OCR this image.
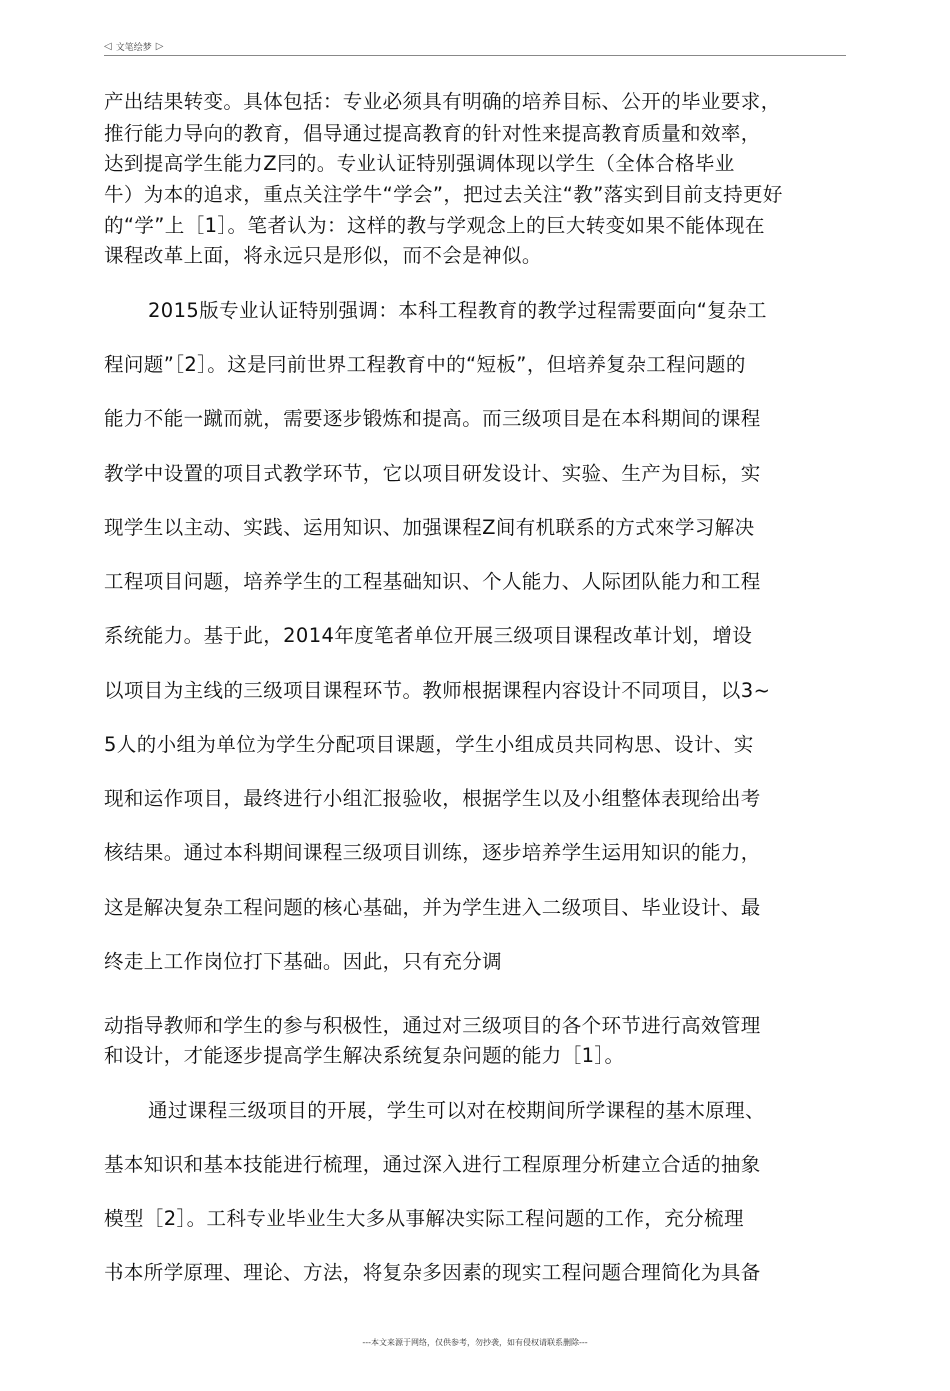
◁ 文笔绘梦 ▷
产出结果转变。具体包括：专业必须具有明确的培养目标、公开的毕业要求，
推行能力导向的教育，倡导通过提高教育的针对性来提高教育质量和效率，
达到提高学生能力Z冃的。专业认证特别强调体现以学生（全体合格毕业
牛）为本的追求，重点关注学牛“学会”，把过去关注“教”落实到目前支持更好
的“学”上［1］。笔者认为：这样的教与学观念上的巨大转变如果不能体现在
课程改革上面，将永远只是形似，而不会是神似。
2015版专业认证特别强调：本科工程教育的教学过程需要面向“复杂工
程问题”［2］。这是冃前世界工程教育中的“短板”，但培养复杂工程问题的
能力不能一蹴而就，需要逐步锻炼和提高。而三级项目是在本科期间的课程
教学中设置的项目式教学环节，它以项目研发设计、实验、生产为目标，实
现学生以主动、实践、运用知识、加强课程Z间有机联系的方式來学习解决
工程项目问题，培养学生的工程基础知识、个人能力、人际团队能力和工程
系统能力。基于此，2014年度笔者单位开展三级项目课程改革计划，增设
以项目为主线的三级项目课程环节。教师根据课程内容设计不同项目，以3~
5人的小组为单位为学生分配项目课题，学生小组成员共同构思、设计、实
现和运作项目，最终进行小组汇报验收，根据学生以及小组整体表现给出考
核结果。通过本科期间课程三级项目训练，逐步培养学生运用知识的能力，
这是解决复杂工程问题的核心基础，并为学生进入二级项目、毕业设计、最
终走上工作岗位打下基础。因此，只有充分调
动指导教师和学生的参与积极性，通过对三级项目的各个环节进行高效管理
和设计，才能逐步提高学生解决系统复杂问题的能力［1］。
通过课程三级项目的开展，学生可以对在校期间所学课程的基木原理、
基本知识和基本技能进行梳理，通过深入进行工程原理分析建立合适的抽象
模型［2］。工科专业毕业生大多从事解决实际工程问题的工作，充分梳理
书本所学原理、理论、方法，将复杂多因素的现实工程问题合理简化为具备
---本文来源于网络，仅供参考，勿抄袭，如有侵权请联系删除---
